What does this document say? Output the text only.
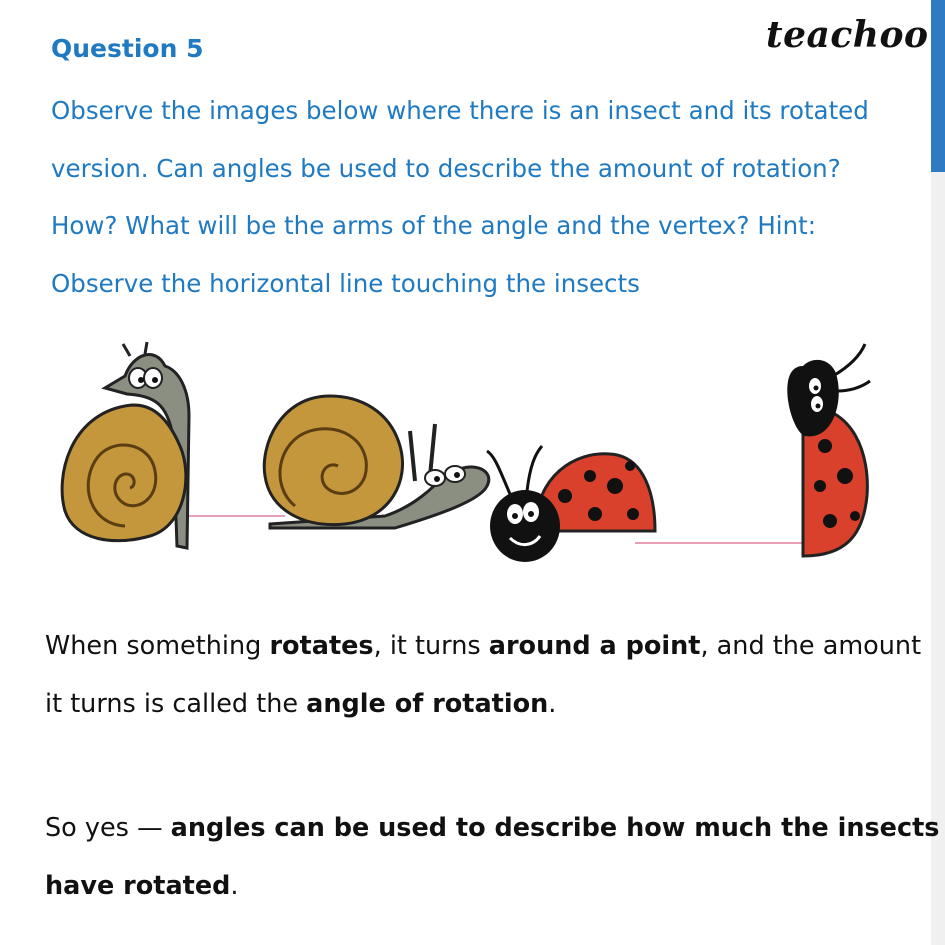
teachoo
Question 5

Observe the images below where there is an insect and its rotated
version. Can angles be used to describe the amount of rotation?
How? What will be the arms of the angle and the vertex? Hint:
Observe the horizontal line touching the insects

When something rotates, it turns around a point, and the amount
it turns is called the angle of rotation.

So yes — angles can be used to describe how much the insects
have rotated.
